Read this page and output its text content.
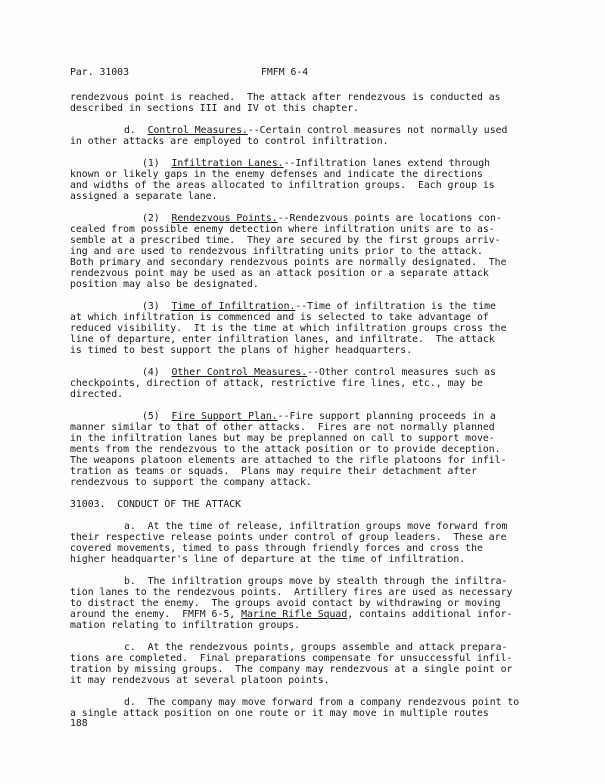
Par. 31003	FMFM 6-4
rendezvous point is reached.  The attack after rendezvous is conducted as
described in sections III and IV ot this chapter.
d. Control Measures.--Certain control measures not normally used
in other attacks are employed to control infiltration.
(1) Infiltration Lanes.--Infiltration lanes extend through
known or likely gaps in the enemy defenses and indicate the directions
and widths of the areas allocated to infiltration groups.  Each group is
assigned a separate lane.
(2) Rendezvous Points.--Rendezvous points are locations con-
cealed from possible enemy detection where infiltration units are to as-
semble at a prescribed time.  They are secured by the first groups arriv-
ing and are used to rendezvous infiltrating units prior to the attack.
Both primary and secondary rendezvous points are normally designated.  The
rendezvous point may be used as an attack position or a separate attack
position may also be designated.
(3) Time of Infiltration.--Time of infiltration is the time
at which infiltration is commenced and is selected to take advantage of
reduced visibility.  It is the time at which infiltration groups cross the
line of departure, enter infiltration lanes, and infiltrate.  The attack
is timed to best support the plans of higher headquarters.
(4) Other Control Measures.--Other control measures such as
checkpoints, direction of attack, restrictive fire lines, etc., may be
directed.
(5) Fire Support Plan.--Fire support planning proceeds in a
manner similar to that of other attacks.  Fires are not normally planned
in the infiltration lanes but may be preplanned on call to support move-
ments from the rendezvous to the attack position or to provide deception.
The weapons platoon elements are attached to the rifle platoons for infil-
tration as teams or squads.  Plans may require their detachment after
rendezvous to support the company attack.
31003.  CONDUCT OF THE ATTACK
a.  At the time of release, infiltration groups move forward from
their respective release points under control of group leaders.  These are
covered movements, timed to pass through friendly forces and cross the
higher headquarter's line of departure at the time of infiltration.
b.  The infiltration groups move by stealth through the infiltra-
tion lanes to the rendezvous points.  Artillery fires are used as necessary
to distract the enemy.  The groups avoid contact by withdrawing or moving
around the enemy.  FMFM 6-5, Marine Rifle Squad, contains additional infor-
mation relating to infiltration groups.
c.  At the rendezvous points, groups assemble and attack prepara-
tions are completed.  Final preparations compensate for unsuccessful infil-
tration by missing groups.  The company may rendezvous at a single point or
it may rendezvous at several platoon points.
d.  The company may move forward from a company rendezvous point to
a single attack position on one route or it may move in multiple routes
188
